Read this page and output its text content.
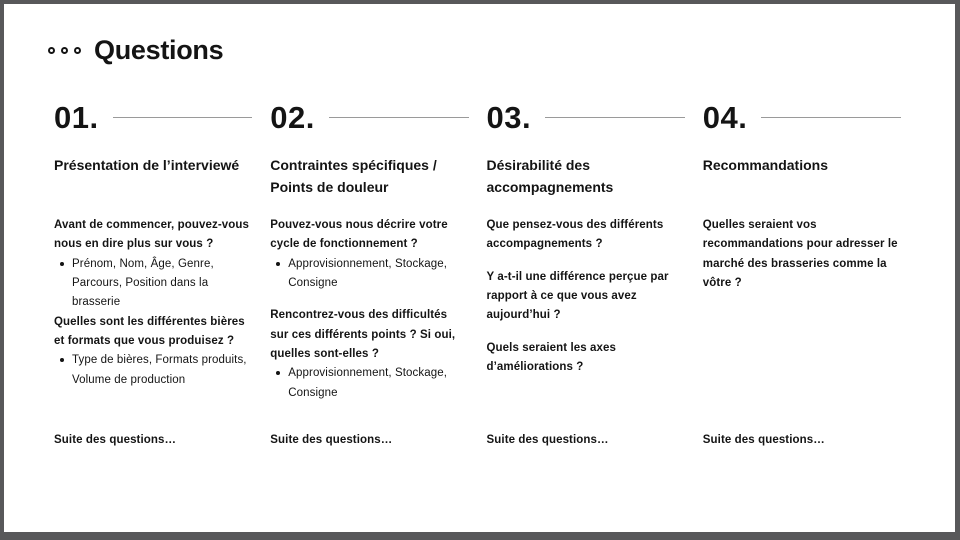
Questions
01.
Présentation de l’interviewé

Avant de commencer, pouvez-vous nous en dire plus sur vous ?

Prénom, Nom, Âge, Genre, Parcours, Position dans la brasserie

Quelles sont les différentes bières et formats que vous produisez ?

Type de bières, Formats produits, Volume de production
Suite des questions…
02.
Contraintes spécifiques / Points de douleur

Pouvez-vous nous décrire votre cycle de fonctionnement ?

Approvisionnement, Stockage, Consigne

Rencontrez-vous des difficultés sur ces différents points ? Si oui, quelles sont-elles ?

Approvisionnement, Stockage, Consigne
Suite des questions…
03.
Désirabilité des accompagnements

Que pensez-vous des différents accompagnements ?

Y a-t-il une différence perçue par rapport à ce que vous avez aujourd’hui ?

Quels seraient les axes d’améliorations ?

Suite des questions…
04.
Recommandations

Quelles seraient vos recommandations pour adresser le marché des brasseries comme la vôtre ?

Suite des questions…
